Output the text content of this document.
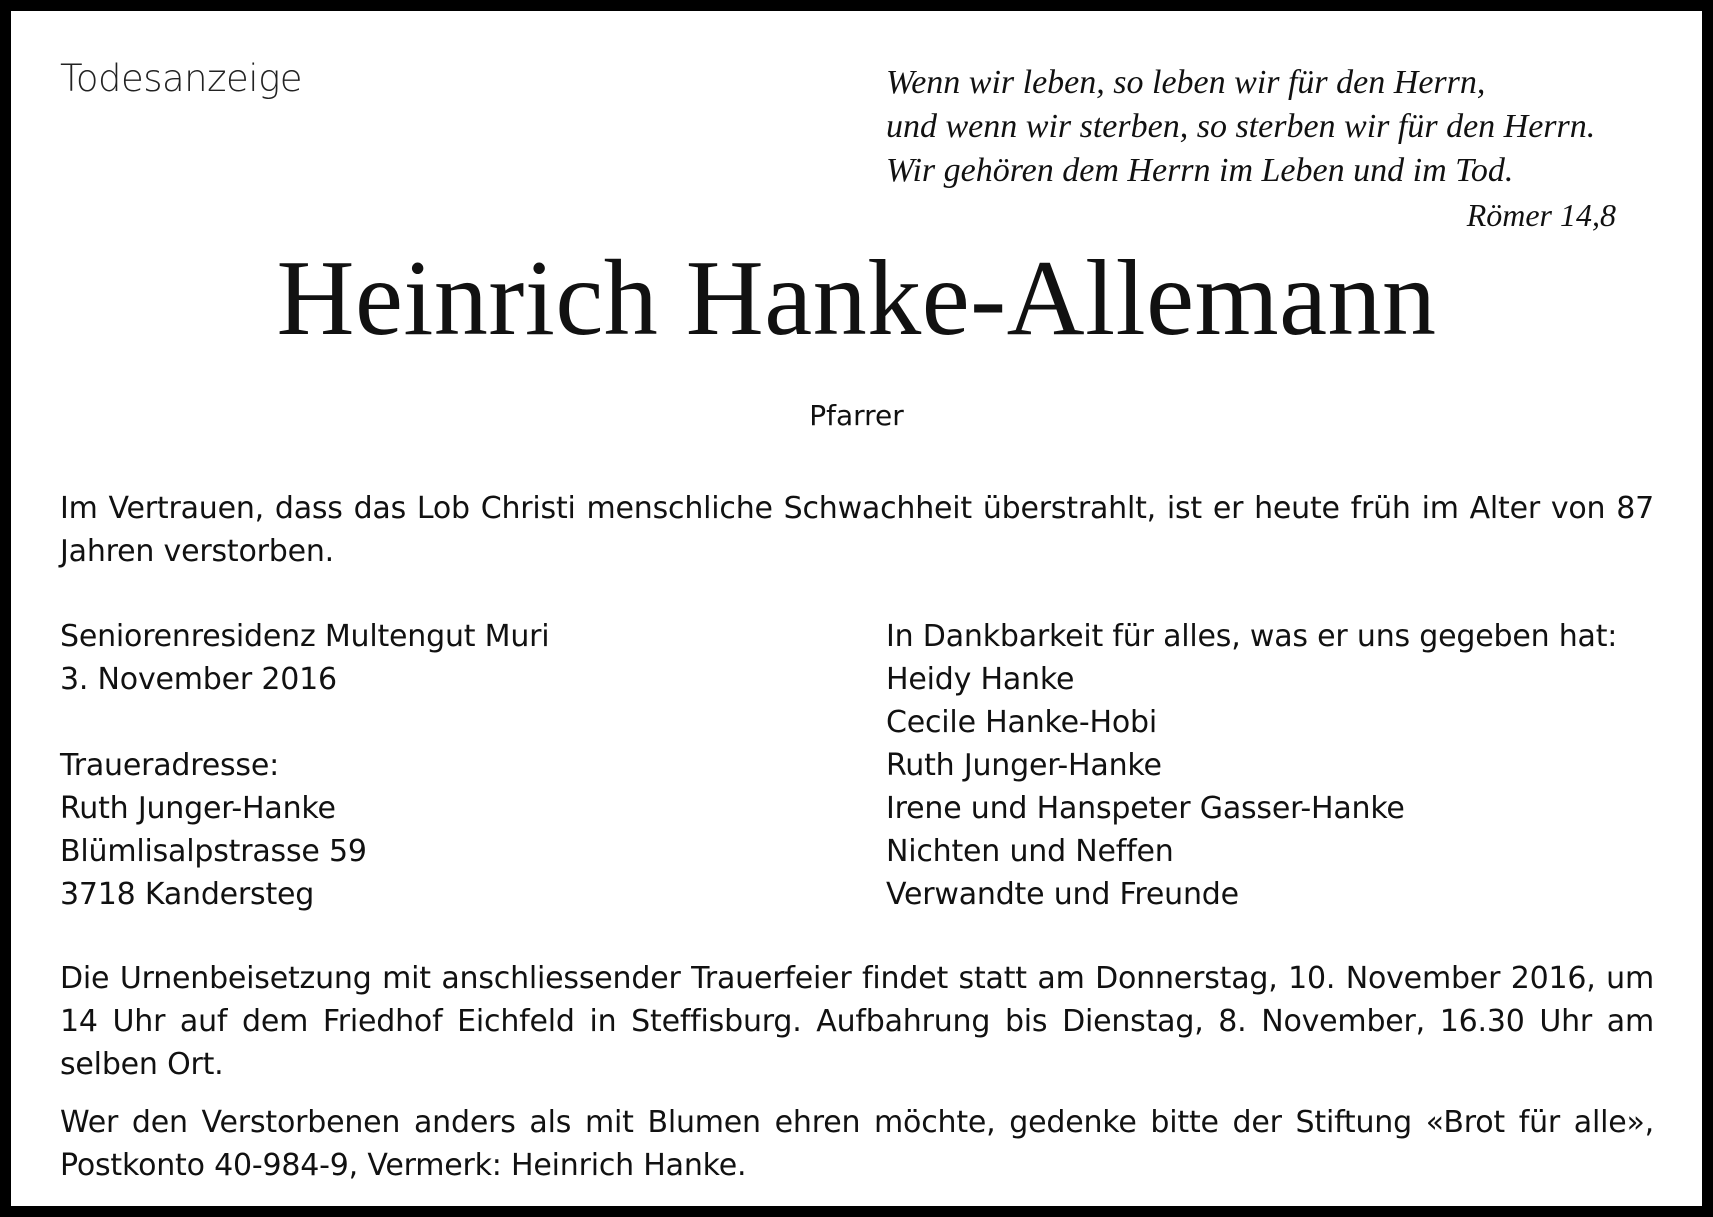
Todesanzeige	Wenn wir leben, so leben wir für den Herrn,
und wenn wir sterben, so sterben wir für den Herrn.
Wir gehören dem Herrn im Leben und im Tod.
Römer 14,8
Heinrich Hanke-Allemann
Pfarrer
Im Vertrauen, dass das Lob Christi menschliche Schwachheit überstrahlt, ist er heute früh im Alter von 87 Jahren verstorben.
Seniorenresidenz Multengut Muri
3. November 2016
Traueradresse:
Ruth Junger-Hanke
Blümlisalpstrasse 59
3718 Kandersteg
In Dankbarkeit für alles, was er uns gegeben hat:
Heidy Hanke
Cecile Hanke-Hobi
Ruth Junger-Hanke
Irene und Hanspeter Gasser-Hanke
Nichten und Neffen
Verwandte und Freunde
Die Urnenbeisetzung mit anschliessender Trauerfeier findet statt am Donnerstag, 10. November 2016, um 14 Uhr auf dem Friedhof Eichfeld in Steffisburg. Aufbahrung bis Dienstag, 8. November, 16.30 Uhr am selben Ort.
Wer den Verstorbenen anders als mit Blumen ehren möchte, gedenke bitte der Stiftung «Brot für alle», Postkonto 40-984-9, Vermerk: Heinrich Hanke.
